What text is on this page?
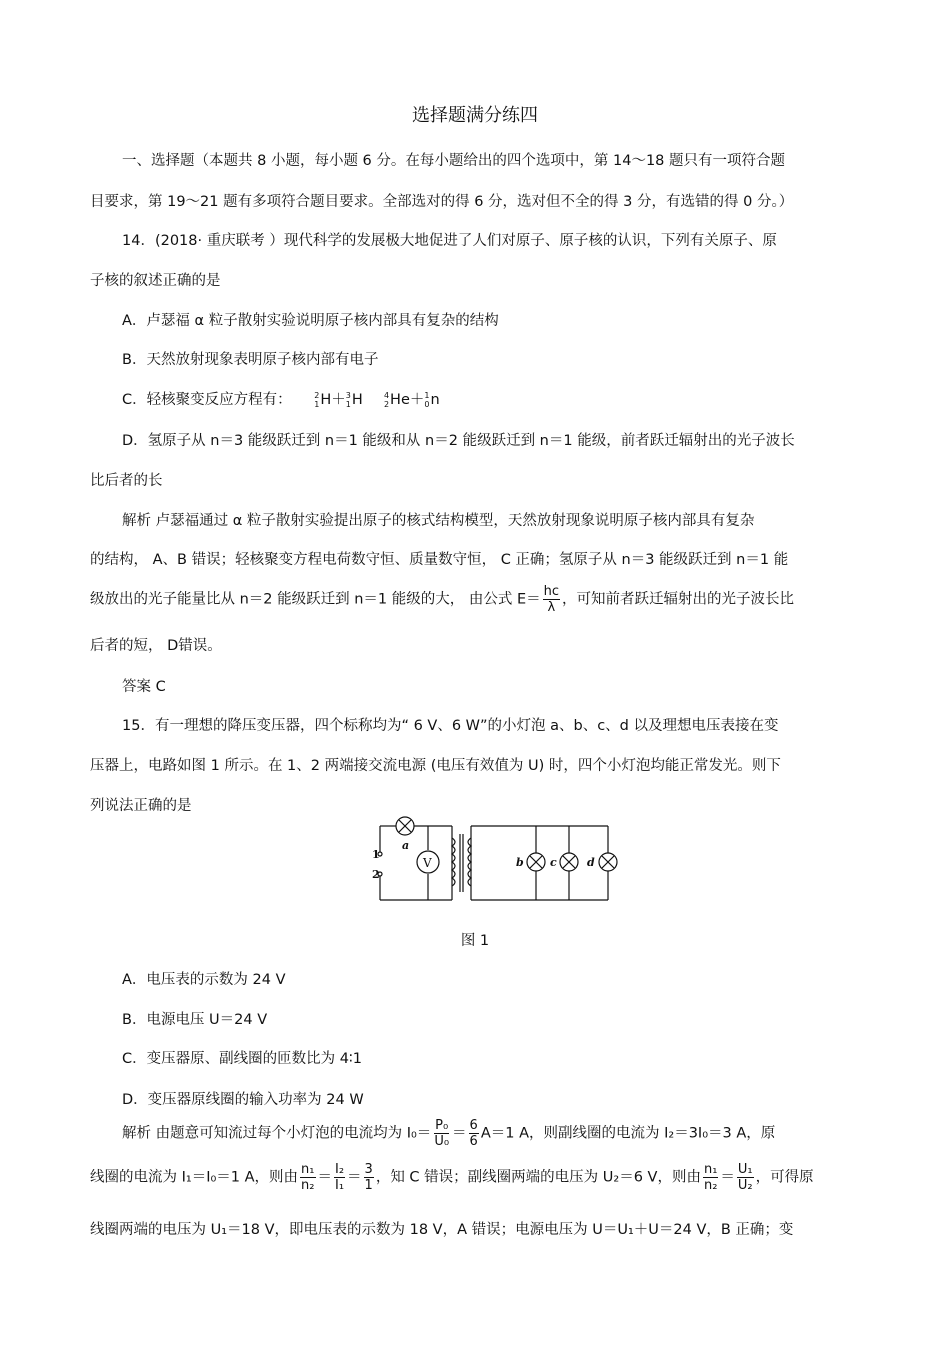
选择题满分练四
一、选择题（本题共 8 小题，每小题 6 分。在每小题给出的四个选项中，第 14～18 题只有一项符合题
目要求，第 19～21 题有多项符合题目要求。全部选对的得 6 分，选对但不全的得 3 分，有选错的得 0 分。）
14．(2018· 重庆联考 ）现代科学的发展极大地促进了人们对原子、原子核的认识，下列有关原子、原
子核的叙述正确的是
A．卢瑟福 α 粒子散射实验说明原子核内部具有复杂的结构
B．天然放射现象表明原子核内部有电子
C．轻核聚变反应方程有：	2
1 H＋ 3
1 H 4
2 He＋ 1
0 n
D．氢原子从 n＝3 能级跃迁到 n＝1 能级和从 n＝2 能级跃迁到 n＝1 能级，前者跃迁辐射出的光子波长
比后者的长
解析 卢瑟福通过 α 粒子散射实验提出原子的核式结构模型，天然放射现象说明原子核内部具有复杂
的结构， A、B 错误；轻核聚变方程电荷数守恒、质量数守恒， C 正确；氢原子从 n＝3 能级跃迁到 n＝1 能
级放出的光子能量比从 n＝2 能级跃迁到 n＝1 能级的大， 由公式 $E= \frac{hc}{\lambda}$ ，可知前者跃迁辐射出的光子波长比
后者的短， D错误。
答案 C
15．有一理想的降压变压器，四个标称均为“ 6 V、6 W”的小灯泡 a、b、c、d 以及理想电压表接在变
压器上，电路如图 1 所示。在 1、2 两端接交流电源 (电压有效值为 U) 时，四个小灯泡均能正常发光。则下
列说法正确的是
V
1
2
a
b c	d
图 1
A．电压表的示数为 24 V
B．电源电压 U＝24 V
C．变压器原、副线圈的匝数比为 4∶1
D．变压器原线圈的输入功率为 24 W
解析 由题意可知流过每个小灯泡的电流均为 $I_0= \frac{\text{P₀}}{\text{U₀}} = \frac{6}{6} A=1$ A，则副线圈的电流为 I₂＝3I₀＝3 A，原
线圈的电流为 I₁＝I₀＝1 A，则由 $\frac{\text{n₁}}{\text{n₂}} = \frac{\text{I₂}}{\text{I₁}} = \frac{3}{1}$ ，知 C 错误；副线圈两端的电压为 U₂＝6 V，则由 $\frac{\text{n₁}}{\text{n₂}} = \frac{\text{U₁}}{\text{U₂}}$ ，可得原
线圈两端的电压为 U₁＝18 V，即电压表的示数为 18 V，A 错误；电源电压为 U＝U₁＋U＝24 V，B 正确；变
